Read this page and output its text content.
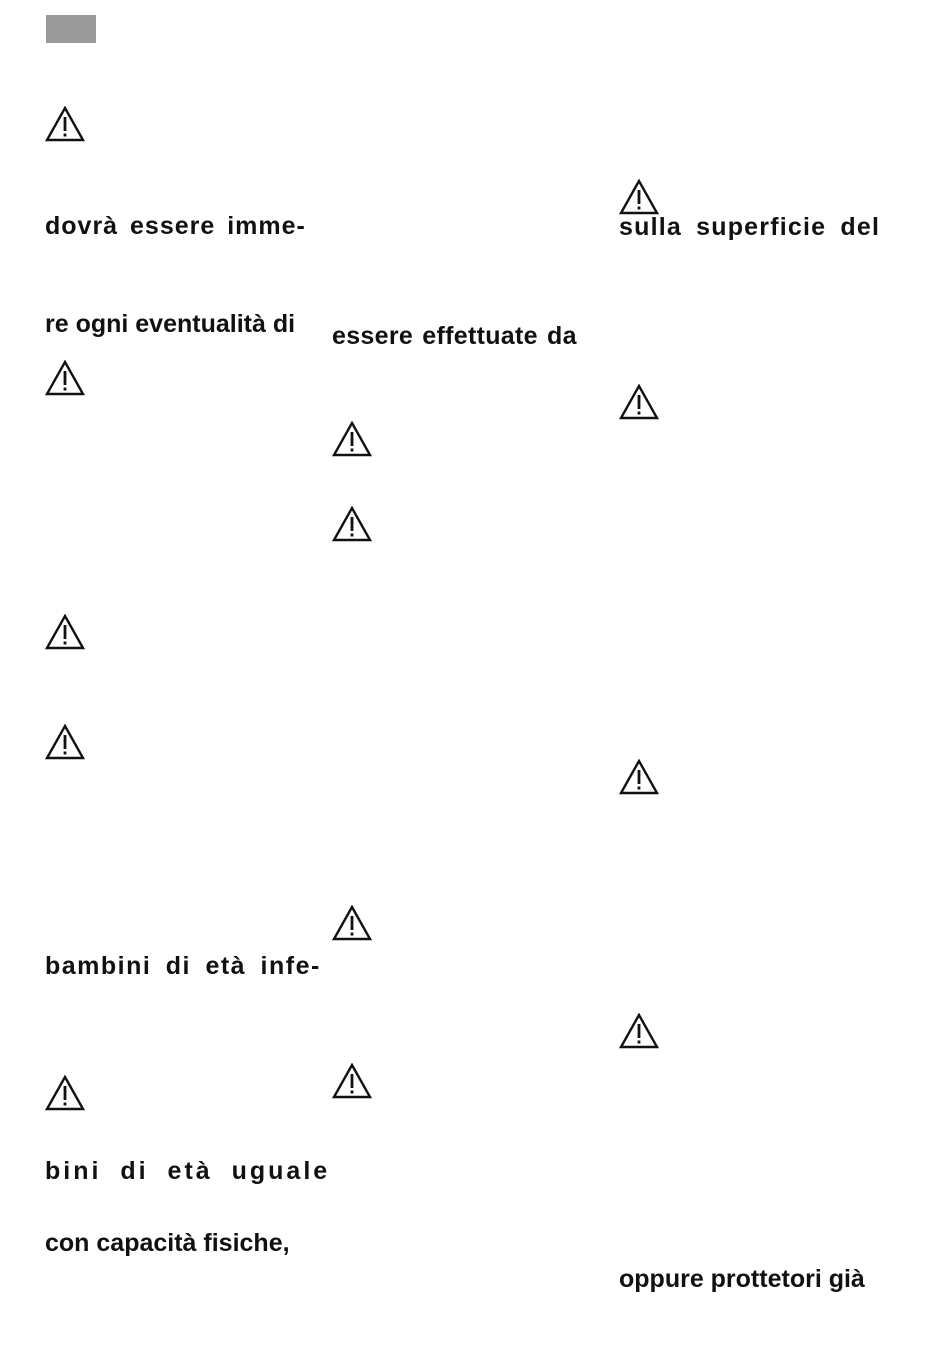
dovrà essere imme-
re ogni eventualità di
bambini di età infe-
bini di età uguale
con capacità fisiche,
essere effettuate da
sulla superficie del
oppure prottetori già
